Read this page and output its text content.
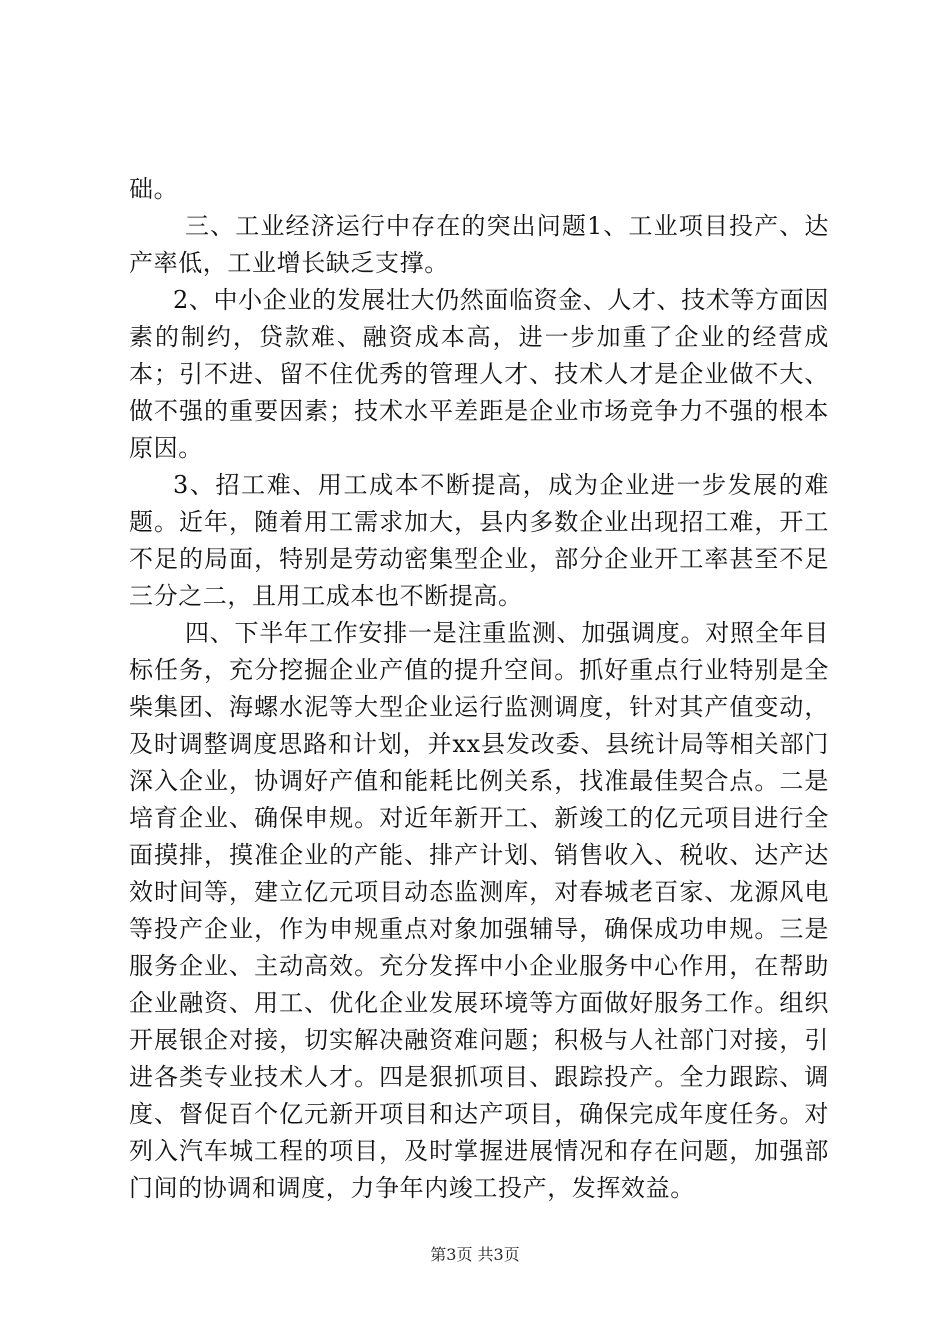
础。

三、工业经济运行中存在的突出问题1、工业项目投产、达产率低，工业增长缺乏支撑。

2、中小企业的发展壮大仍然面临资金、人才、技术等方面因素的制约，贷款难、融资成本高，进一步加重了企业的经营成本；引不进、留不住优秀的管理人才、技术人才是企业做不大、做不强的重要因素；技术水平差距是企业市场竞争力不强的根本原因。

3、招工难、用工成本不断提高，成为企业进一步发展的难题。近年，随着用工需求加大，县内多数企业出现招工难，开工不足的局面，特别是劳动密集型企业，部分企业开工率甚至不足三分之二，且用工成本也不断提高。

四、下半年工作安排一是注重监测、加强调度。对照全年目标任务，充分挖掘企业产值的提升空间。抓好重点行业特别是全柴集团、海螺水泥等大型企业运行监测调度，针对其产值变动，及时调整调度思路和计划，并xx县发改委、县统计局等相关部门深入企业，协调好产值和能耗比例关系，找准最佳契合点。二是培育企业、确保申规。对近年新开工、新竣工的亿元项目进行全面摸排，摸准企业的产能、排产计划、销售收入、税收、达产达效时间等，建立亿元项目动态监测库，对春城老百家、龙源风电等投产企业，作为申规重点对象加强辅导，确保成功申规。三是服务企业、主动高效。充分发挥中小企业服务中心作用，在帮助企业融资、用工、优化企业发展环境等方面做好服务工作。组织开展银企对接，切实解决融资难问题；积极与人社部门对接，引进各类专业技术人才。四是狠抓项目、跟踪投产。全力跟踪、调度、督促百个亿元新开项目和达产项目，确保完成年度任务。对列入汽车城工程的项目，及时掌握进展情况和存在问题，加强部门间的协调和调度，力争年内竣工投产，发挥效益。

第3页 共3页
